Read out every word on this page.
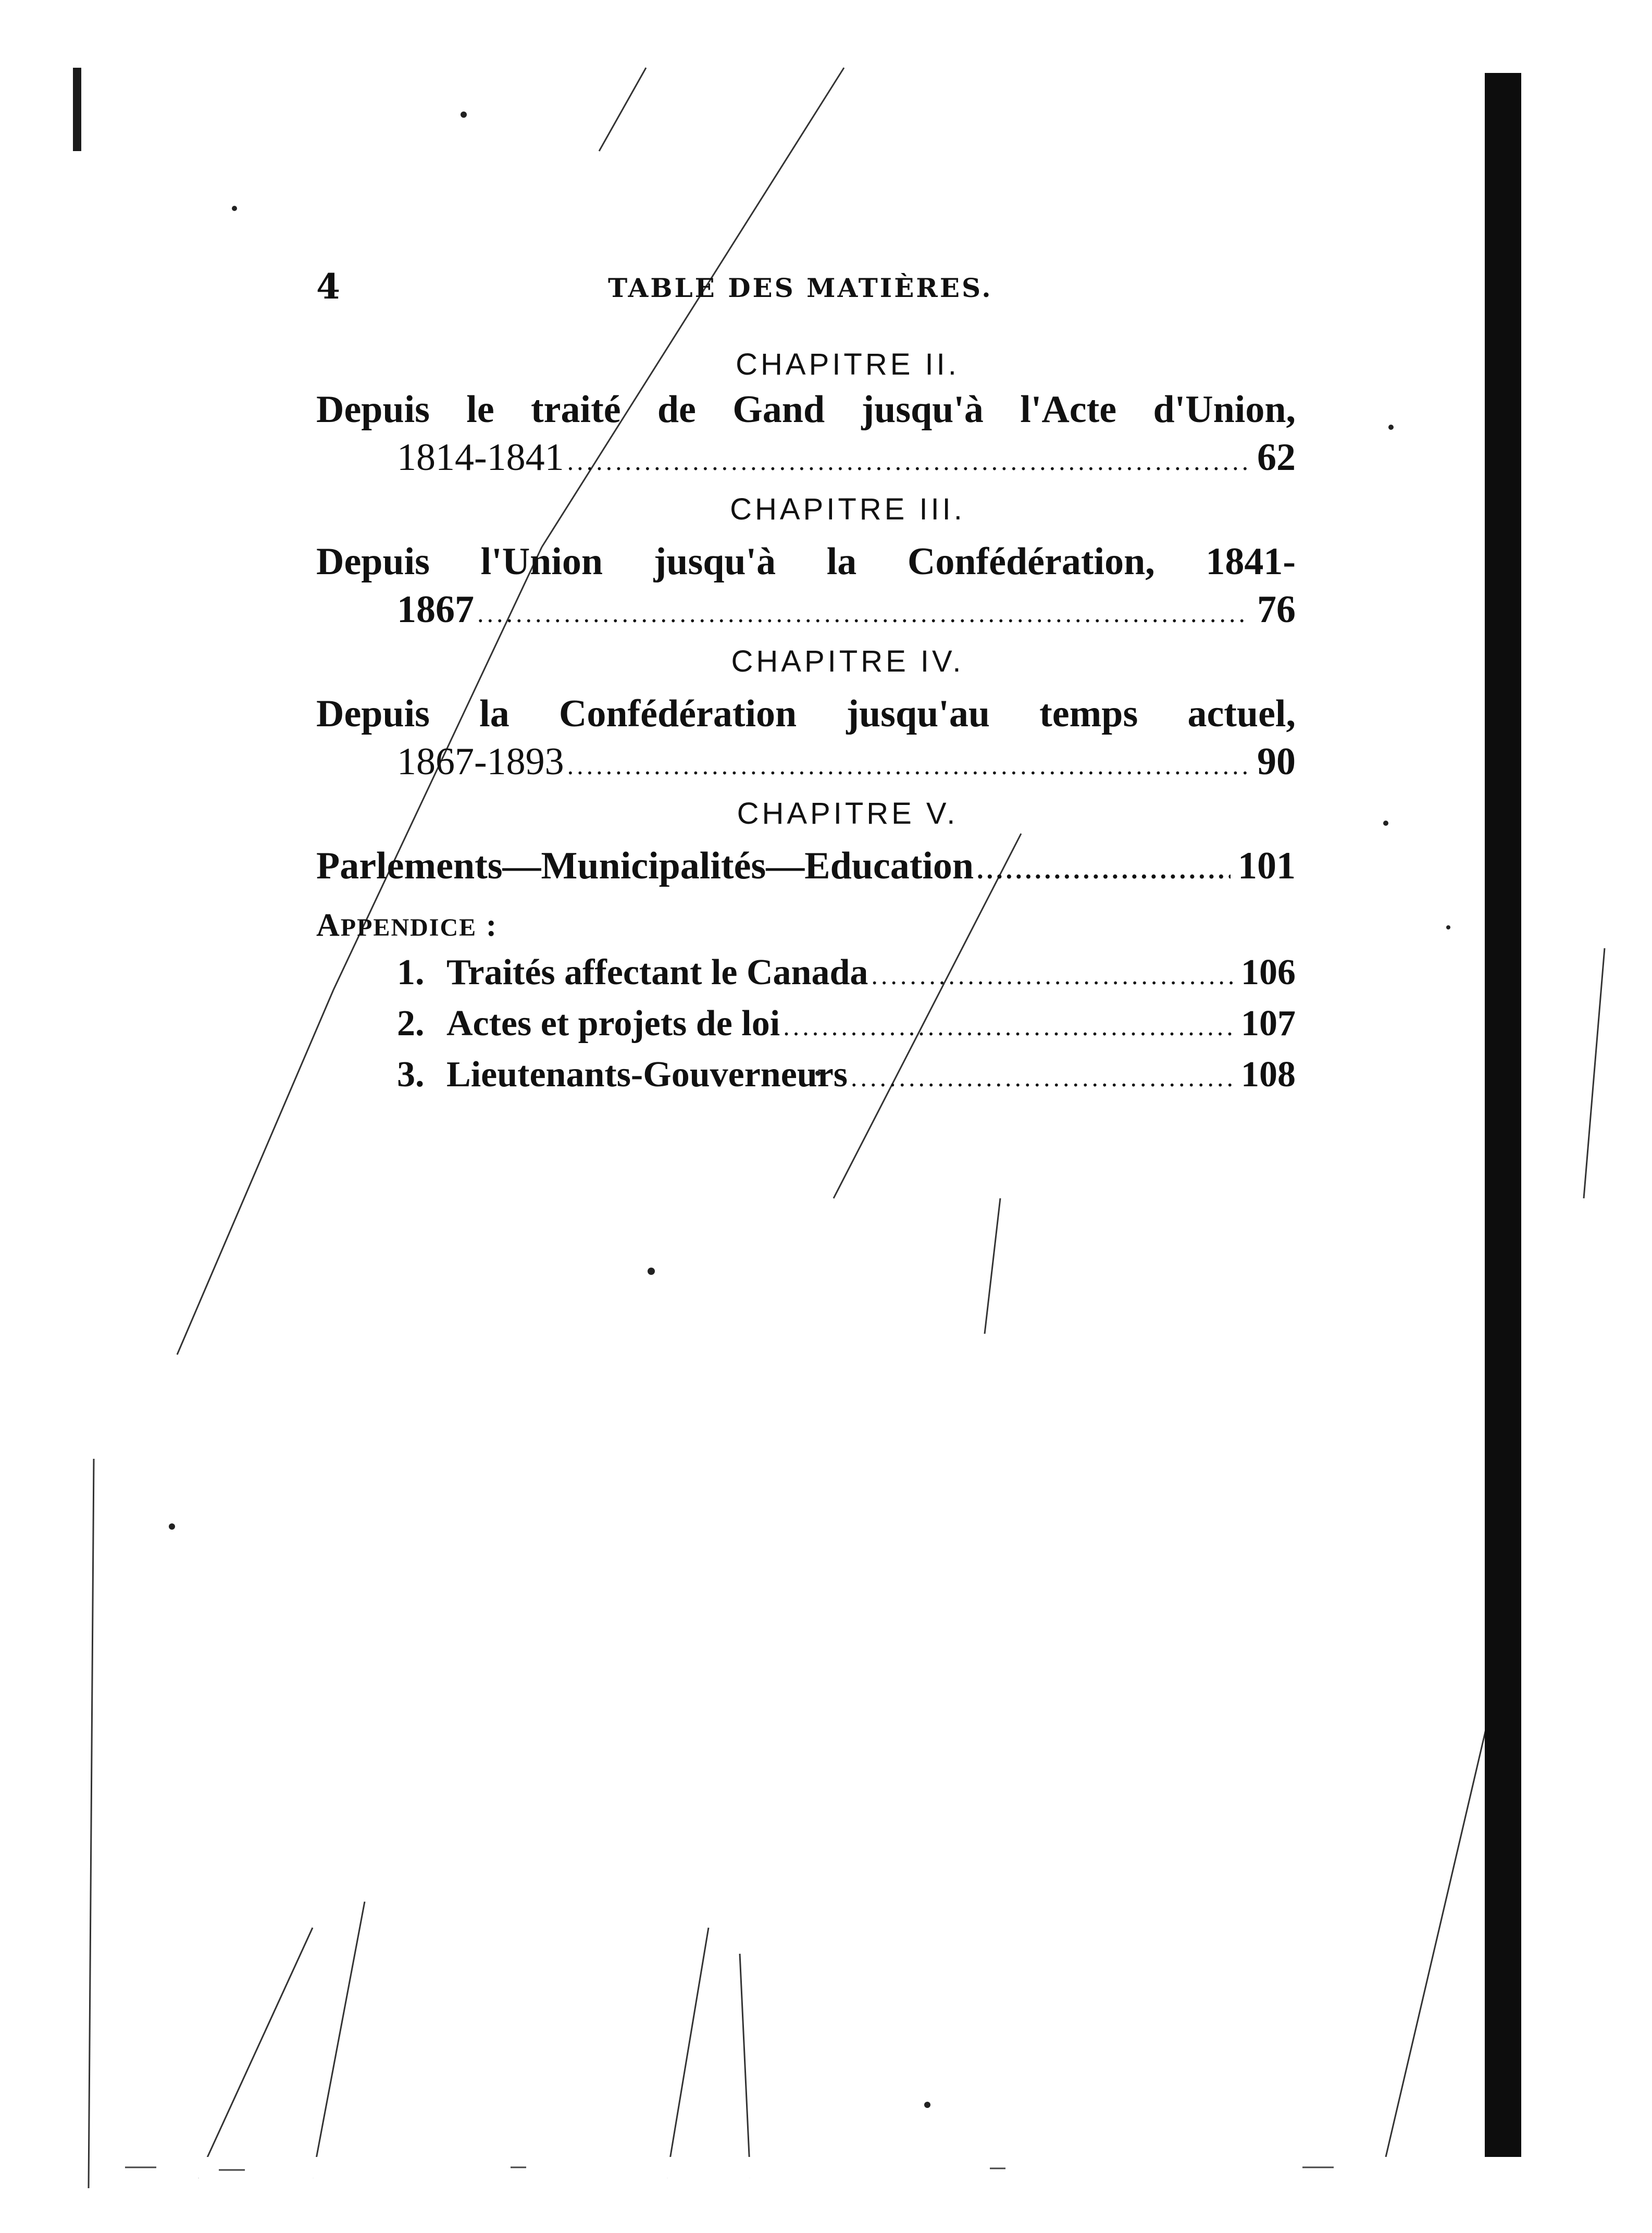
4	TABLE DES MATIÈRES.
CHAPITRE II.
Depuis le traité de Gand jusqu'à l'Acte d'Union,
1814-1841 .....	62
CHAPITRE III.
Depuis l'Union jusqu'à la Confédération, 1841-
1867 .....	76
CHAPITRE IV.
Depuis la Confédération jusqu'au temps actuel,
1867-1893 .....	90
CHAPITRE V.
Parlements—Municipalités—Education .....	101
APPENDICE :
1. Traités affectant le Canada .....	106
2. Actes et projets de loi .....	107
3. Lieutenants-Gouverneurs .....	108
